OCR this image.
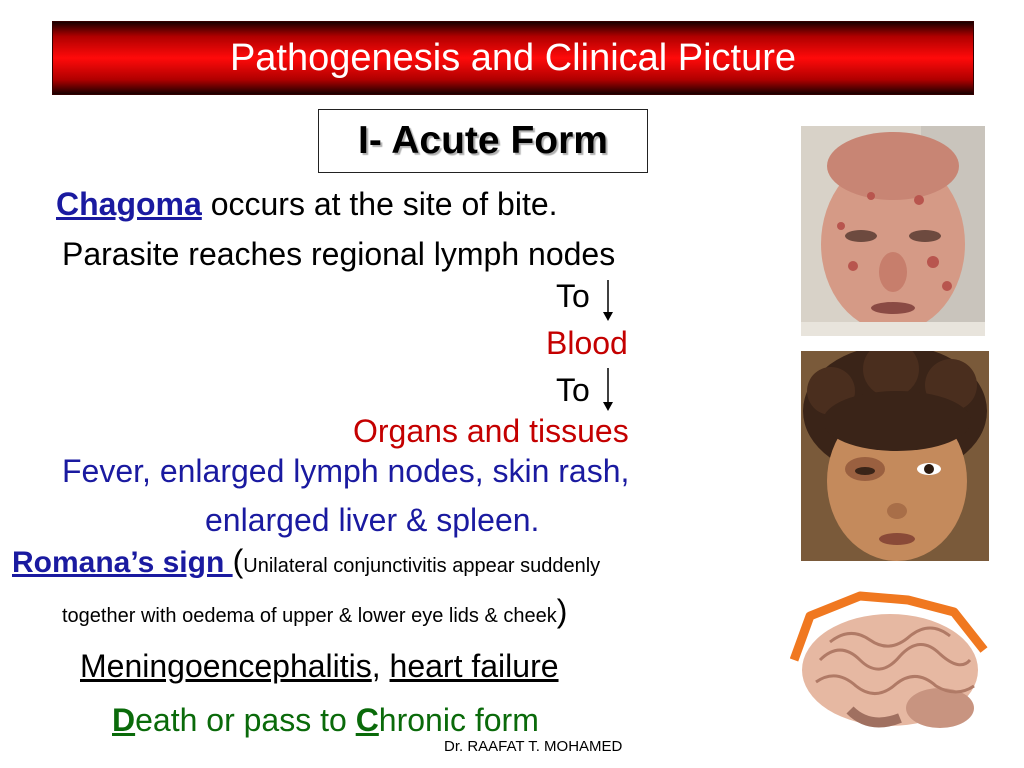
Pathogenesis and Clinical Picture
I- Acute Form
Chagoma occurs at the site of bite.
Parasite reaches regional lymph nodes
To
Blood
To
Organs and tissues
Fever, enlarged lymph nodes, skin rash,
enlarged liver & spleen.
Romana’s sign (Unilateral conjunctivitis appear suddenly
together with oedema of upper & lower eye lids & cheek)
Meningoencephalitis, heart failure
Death or pass to Chronic form
Dr. RAAFAT T. MOHAMED
